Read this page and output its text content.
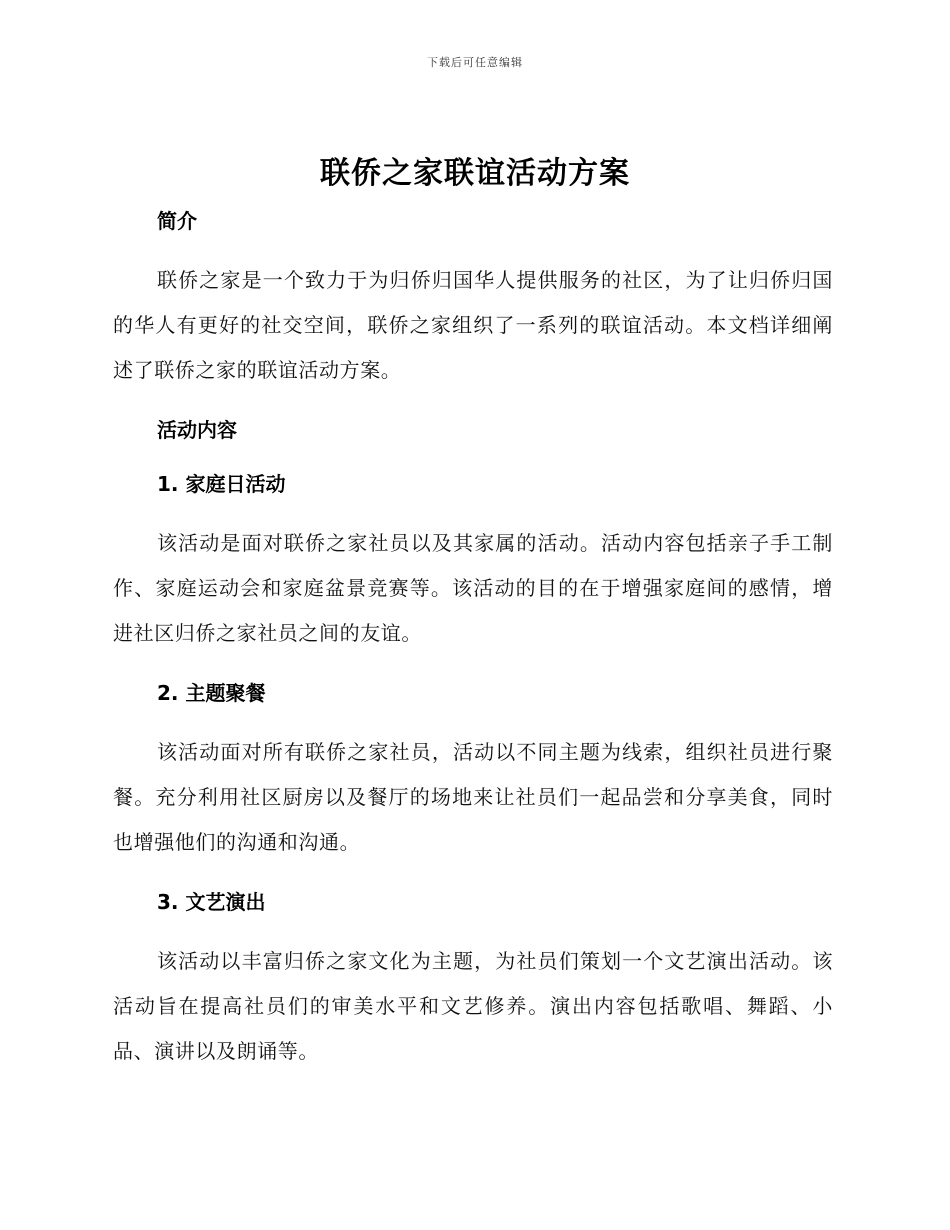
下载后可任意编辑
联侨之家联谊活动方案
简介

联侨之家是一个致力于为归侨归国华人提供服务的社区，为了让归侨归国的华人有更好的社交空间，联侨之家组织了一系列的联谊活动。本文档详细阐述了联侨之家的联谊活动方案。

活动内容
1. 家庭日活动

该活动是面对联侨之家社员以及其家属的活动。活动内容包括亲子手工制作、家庭运动会和家庭盆景竞赛等。该活动的目的在于增强家庭间的感情，增进社区归侨之家社员之间的友谊。

2. 主题聚餐

该活动面对所有联侨之家社员，活动以不同主题为线索，组织社员进行聚餐。充分利用社区厨房以及餐厅的场地来让社员们一起品尝和分享美食，同时也增强他们的沟通和沟通。

3. 文艺演出

该活动以丰富归侨之家文化为主题，为社员们策划一个文艺演出活动。该活动旨在提高社员们的审美水平和文艺修养。演出内容包括歌唱、舞蹈、小品、演讲以及朗诵等。
